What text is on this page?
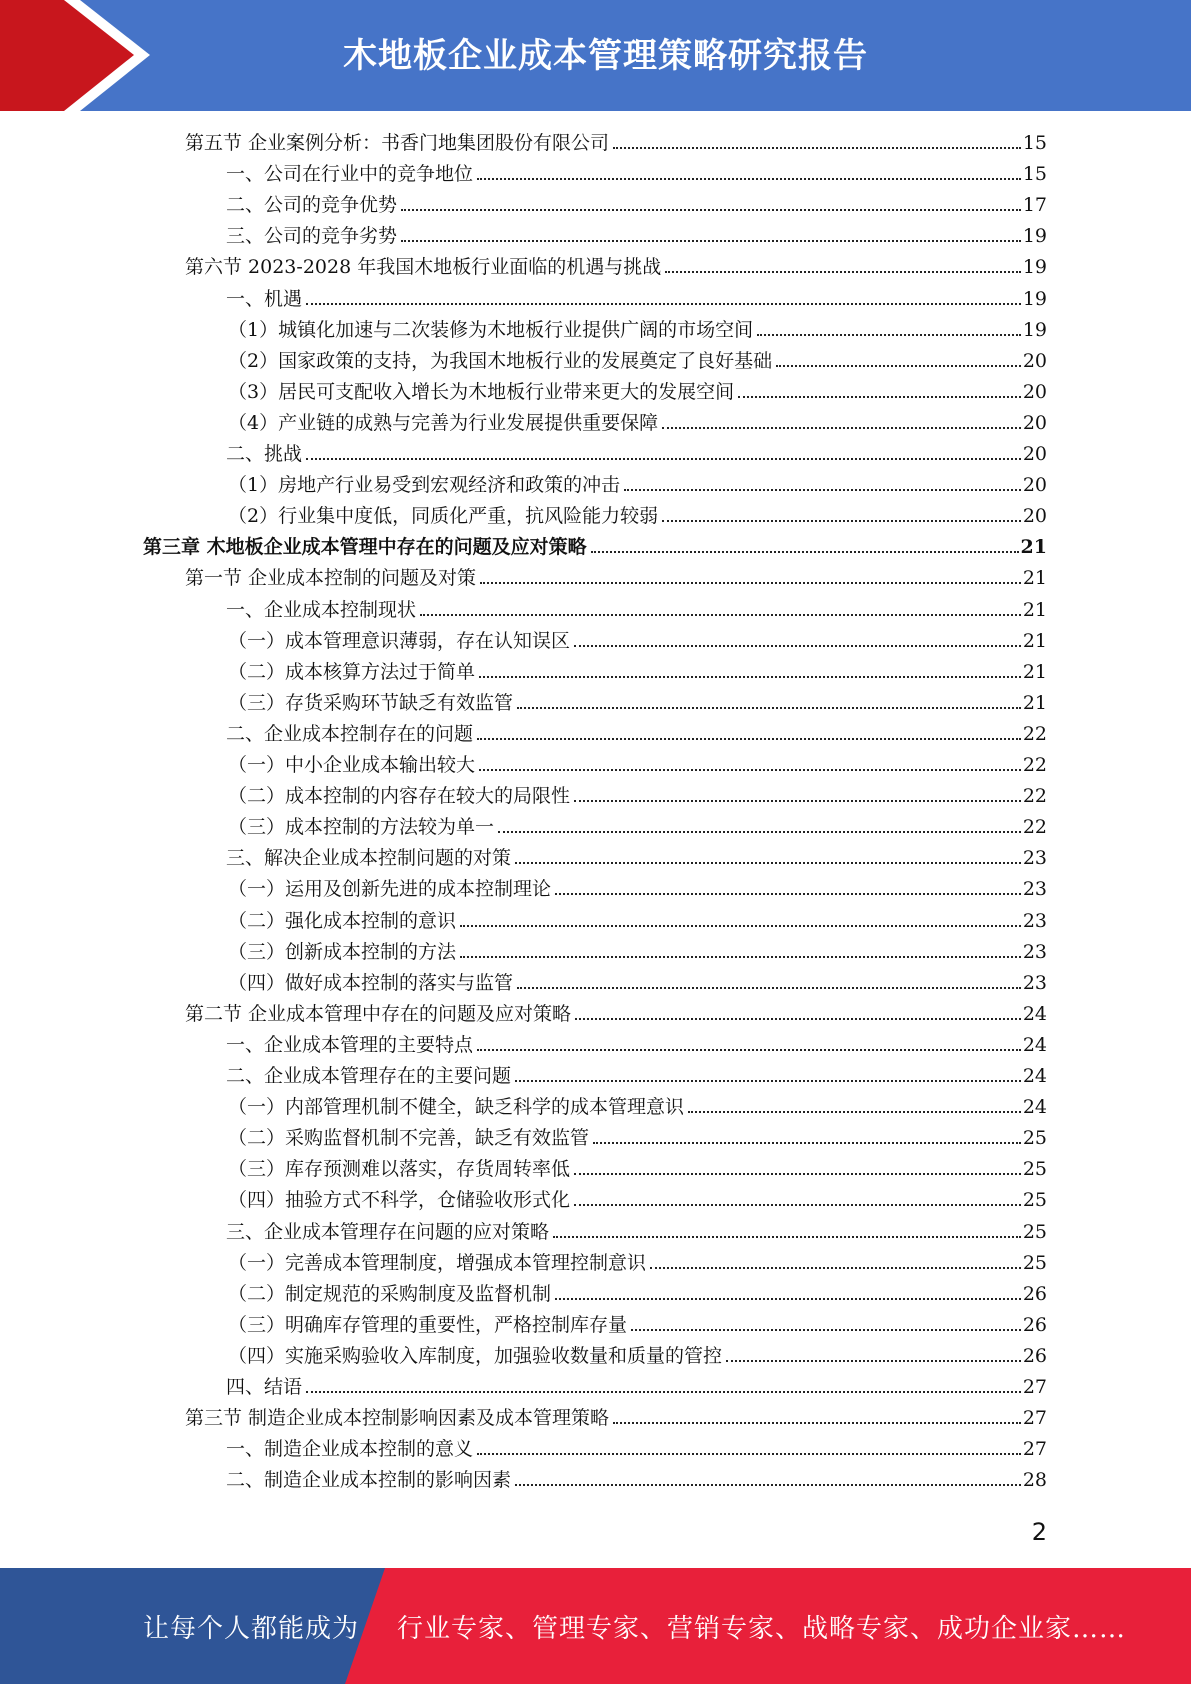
木地板企业成本管理策略研究报告
第五节 企业案例分析：书香门地集团股份有限公司	15
一、公司在行业中的竞争地位	15
二、公司的竞争优势	17
三、公司的竞争劣势	19
第六节 2023-2028 年我国木地板行业面临的机遇与挑战	19
一、机遇	19
（1）城镇化加速与二次装修为木地板行业提供广阔的市场空间	19
（2）国家政策的支持，为我国木地板行业的发展奠定了良好基础	20
（3）居民可支配收入增长为木地板行业带来更大的发展空间	20
（4）产业链的成熟与完善为行业发展提供重要保障	20
二、挑战	20
（1）房地产行业易受到宏观经济和政策的冲击	20
（2）行业集中度低，同质化严重，抗风险能力较弱	20
第三章 木地板企业成本管理中存在的问题及应对策略	21
第一节 企业成本控制的问题及对策	21
一、企业成本控制现状	21
（一）成本管理意识薄弱，存在认知误区	21
（二）成本核算方法过于简单	21
（三）存货采购环节缺乏有效监管	21
二、企业成本控制存在的问题	22
（一）中小企业成本输出较大	22
（二）成本控制的内容存在较大的局限性	22
（三）成本控制的方法较为单一	22
三、解决企业成本控制问题的对策	23
（一）运用及创新先进的成本控制理论	23
（二）强化成本控制的意识	23
（三）创新成本控制的方法	23
（四）做好成本控制的落实与监管	23
第二节 企业成本管理中存在的问题及应对策略	24
一、企业成本管理的主要特点	24
二、企业成本管理存在的主要问题	24
（一）内部管理机制不健全，缺乏科学的成本管理意识	24
（二）采购监督机制不完善，缺乏有效监管	25
（三）库存预测难以落实，存货周转率低	25
（四）抽验方式不科学，仓储验收形式化	25
三、企业成本管理存在问题的应对策略	25
（一）完善成本管理制度，增强成本管理控制意识	25
（二）制定规范的采购制度及监督机制	26
（三）明确库存管理的重要性，严格控制库存量	26
（四）实施采购验收入库制度，加强验收数量和质量的管控	26
四、结语	27
第三节 制造企业成本控制影响因素及成本管理策略	27
一、制造企业成本控制的意义	27
二、制造企业成本控制的影响因素	28
2
让每个人都能成为 行业专家、管理专家、营销专家、战略专家、成功企业家……
